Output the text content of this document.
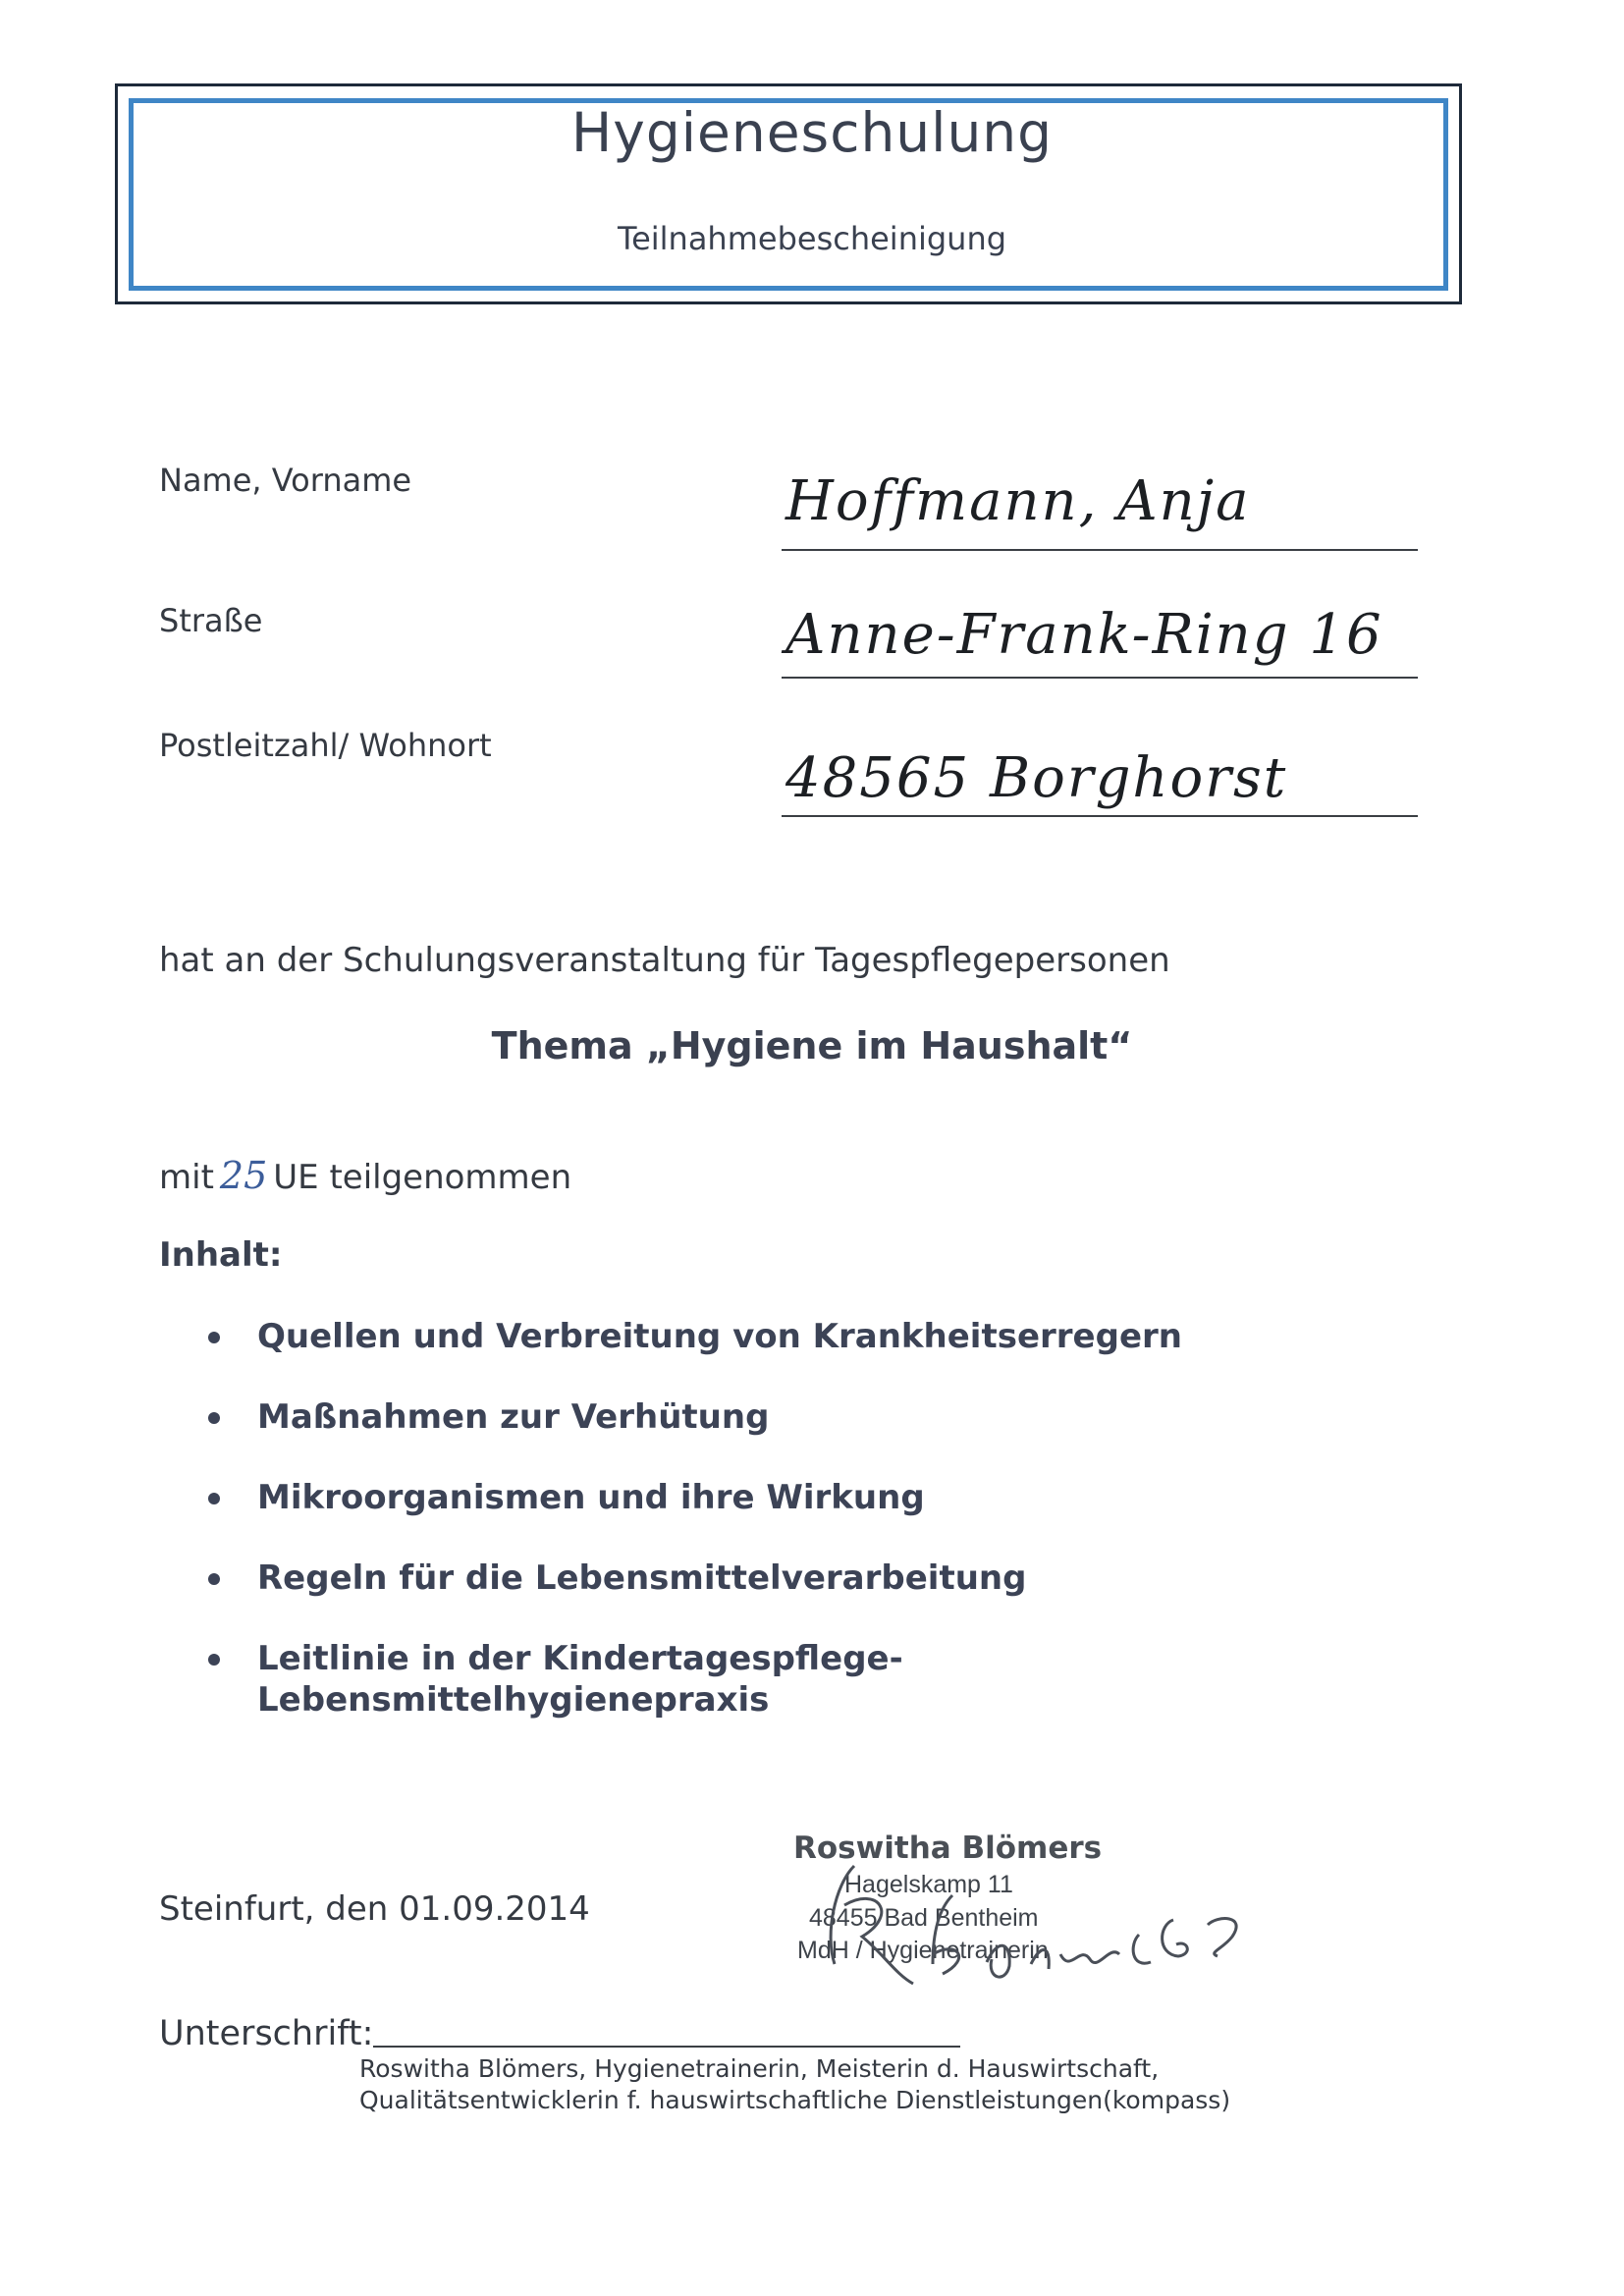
Hygieneschulung
Teilnahmebescheinigung
Name, Vorname	Hoffmann, Anja
Straße	Anne-Frank-Ring 16
Postleitzahl/ Wohnort
48565 Borghorst
hat an der Schulungsveranstaltung für Tagespflegepersonen
Thema „Hygiene im Haushalt“
mit 25 UE teilgenommen
Inhalt:
Quellen und Verbreitung von Krankheitserregern
Maßnahmen zur Verhütung
Mikroorganismen und ihre Wirkung
Regeln für die Lebensmittelverarbeitung
Leitlinie in der Kindertagespflege-
Lebensmittelhygienepraxis
Roswitha Blömers
Hagelskamp 11
48455 Bad Bentheim
MdH / Hygienetrainerin
Steinfurt, den 01.09.2014
Unterschrift:
Roswitha Blömers, Hygienetrainerin, Meisterin d. Hauswirtschaft,
Qualitätsentwicklerin f. hauswirtschaftliche Dienstleistungen(kompass)
